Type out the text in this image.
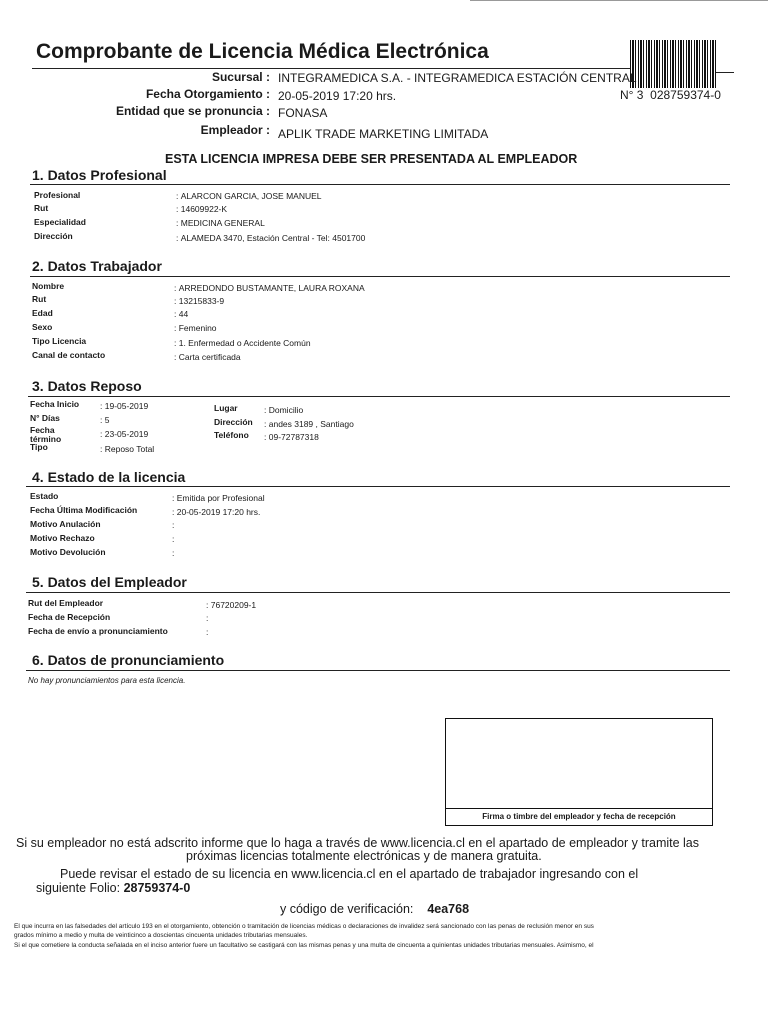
Comprobante de Licencia Médica Electrónica
N° 3 028759374-0
Sucursal : INTEGRAMEDICA S.A. - INTEGRAMEDICA ESTACIÓN CENTRAL
Fecha Otorgamiento : 20-05-2019 17:20 hrs.
Entidad que se pronuncia : FONASA
Empleador : APLIK TRADE MARKETING LIMITADA
ESTA LICENCIA IMPRESA DEBE SER PRESENTADA AL EMPLEADOR
1. Datos Profesional
Profesional	: ALARCON GARCIA, JOSE MANUEL
Rut	: 14609922-K
Especialidad	: MEDICINA GENERAL
Dirección	: ALAMEDA 3470, Estación Central - Tel: 4501700
2. Datos Trabajador
Nombre	: ARREDONDO BUSTAMANTE, LAURA ROXANA
Rut	: 13215833-9
Edad	: 44
Sexo	: Femenino
Tipo Licencia	: 1. Enfermedad o Accidente Común
Canal de contacto	: Carta certificada
3. Datos Reposo
Fecha Inicio : 19-05-2019
N° Días	: 5
Fecha término	: 23-05-2019
Tipo	: Reposo Total
Lugar	: Domicilio
Dirección : andes 3189 , Santiago
Teléfono : 09-72787318
4. Estado de la licencia
Estado	: Emitida por Profesional
Fecha Última Modificación	: 20-05-2019 17:20 hrs.
Motivo Anulación	:
Motivo Rechazo	:
Motivo Devolución	:
5. Datos del Empleador
Rut del Empleador	: 76720209-1
Fecha de Recepción	:
Fecha de envío a pronunciamiento	:
6. Datos de pronunciamiento
No hay pronunciamientos para esta licencia.
Firma o timbre del empleador y fecha de recepción
Si su empleador no está adscrito informe que lo haga a través de www.licencia.cl en el apartado de empleador y tramite las
próximas licencias totalmente electrónicas y de manera gratuita.
Puede revisar el estado de su licencia en www.licencia.cl en el apartado de trabajador ingresando con el
siguiente Folio: 28759374-0
y código de verificación: 4ea768
El que incurra en las falsedades del artículo 193 en el otorgamiento, obtención o tramitación de licencias médicas o declaraciones de invalidez será sancionado con las penas de reclusión menor en sus
grados mínimo a medio y multa de veinticinco a doscientas cincuenta unidades tributarias mensuales.
Si el que cometiere la conducta señalada en el inciso anterior fuere un facultativo se castigará con las mismas penas y una multa de cincuenta a quinientas unidades tributarias mensuales. Asimismo, el
